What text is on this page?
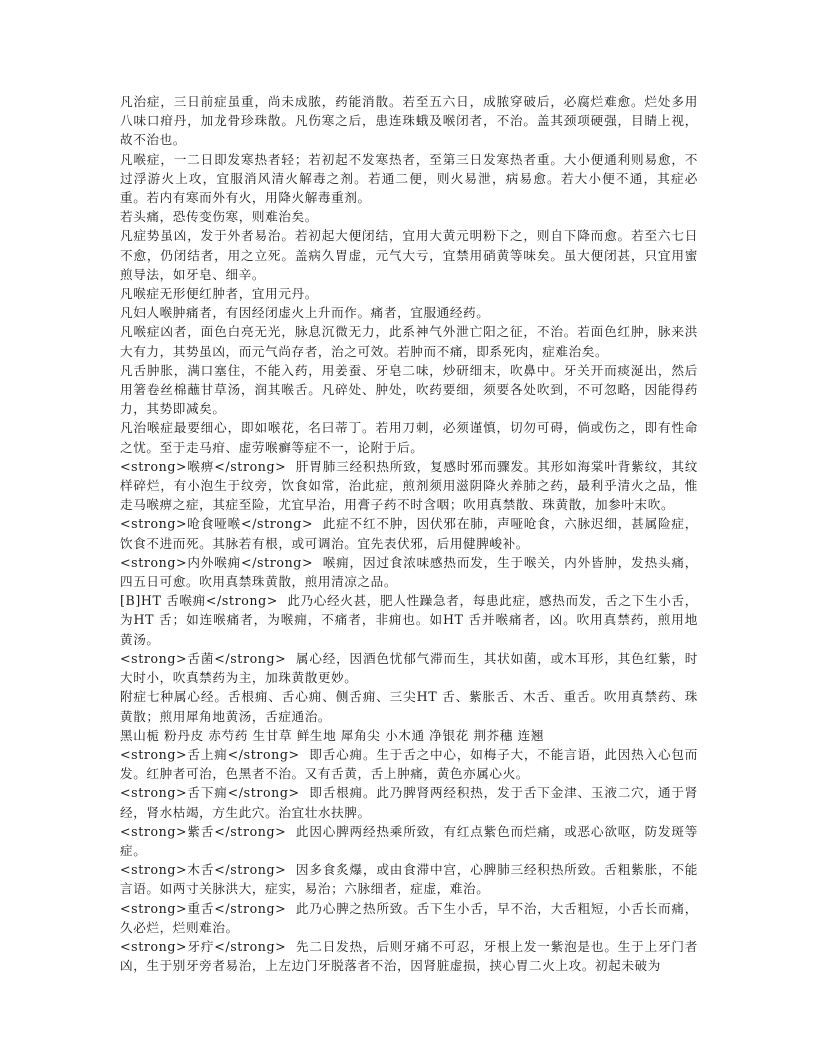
凡治症，三日前症虽重，尚未成脓，药能消散。若至五六日，成脓穿破后，必腐烂难愈。烂处多用八味口疳丹，加龙骨珍珠散。凡伤寒之后，患连珠蛾及喉闭者，不治。盖其颈项硬强，目睛上视，故不治也。

凡喉症，一二日即发寒热者轻；若初起不发寒热者，至第三日发寒热者重。大小便通利则易愈，不过浮游火上攻，宜服消风清火解毒之剂。若通二便，则火易泄，病易愈。若大小便不通，其症必重。若内有寒而外有火，用降火解毒重剂。

若头痛，恐传变伤寒，则难治矣。

凡症势虽凶，发于外者易治。若初起大便闭结，宜用大黄元明粉下之，则自下降而愈。若至六七日不愈，仍闭结者，用之立死。盖病久胃虚，元气大亏，宜禁用硝黄等味矣。虽大便闭甚，只宜用蜜煎导法，如牙皂、细辛。

凡喉症无形便红肿者，宜用元丹。

凡妇人喉肿痛者，有因经闭虚火上升而作。痛者，宜服通经药。

凡喉症凶者，面色白亮无光，脉息沉微无力，此系神气外泄亡阳之征，不治。若面色红肿，脉来洪大有力，其势虽凶，而元气尚存者，治之可效。若肿而不痛，即系死肉，症难治矣。

凡舌肿胀，满口塞住，不能入药，用姜蚕、牙皂二味，炒研细末，吹鼻中。牙关开而痰涎出，然后用箸卷丝棉蘸甘草汤，润其喉舌。凡碎处、肿处，吹药要细，须要各处吹到，不可忽略，因能得药力，其势即减矣。

凡治喉症最要细心，即如喉花，名曰蒂丁。若用刀刺，必须谨慎，切勿可碍，倘或伤之，即有性命之忧。至于走马疳、虚劳喉癣等症不一，论附于后。

<strong>喉痹</strong>  肝胃肺三经积热所致，复感时邪而骤发。其形如海棠叶背紫纹，其纹样碎烂，有小泡生于纹旁，饮食如常，治此症，煎剂须用滋阴降火养肺之药，最利乎清火之品，惟走马喉痹之症，其症至险，尤宜早治，用膏子药不时含咽；吹用真禁散、珠黄散，加参叶末吹。

<strong>呛食哑喉</strong>  此症不红不肿，因伏邪在肺，声哑呛食，六脉迟细，甚属险症，饮食不进而死。其脉若有根，或可调治。宜先表伏邪，后用健脾峻补。

<strong>内外喉痈</strong>  喉痈，因过食浓味感热而发，生于喉关，内外皆肿，发热头痛，四五日可愈。吹用真禁珠黄散，煎用清凉之品。

[B]HT 舌喉痈</strong>  此乃心经火甚，肥人性躁急者，每患此症，感热而发，舌之下生小舌，为HT 舌；如连喉痛者，为喉痈，不痛者，非痈也。如HT 舌并喉痛者，凶。吹用真禁药，煎用地黄汤。

<strong>舌菌</strong>  属心经，因酒色忧郁气滞而生，其状如菌，或木耳形，其色红紫，时大时小，吹真禁药为主，加珠黄散更妙。

附症七种属心经。舌根痈、舌心痈、侧舌痈、三尖HT 舌、紫胀舌、木舌、重舌。吹用真禁药、珠黄散；煎用犀角地黄汤，舌症通治。

黑山栀 粉丹皮 赤芍药 生甘草 鲜生地 犀角尖 小木通 净银花 荆芥穗 连翘

<strong>舌上痈</strong>  即舌心痈。生于舌之中心，如梅子大，不能言语，此因热入心包而发。红肿者可治，色黑者不治。又有舌黄，舌上肿痛，黄色亦属心火。

<strong>舌下痈</strong>  即舌根痈。此乃脾肾两经积热，发于舌下金津、玉液二穴，通于肾经，肾水枯竭，方生此穴。治宜壮水扶脾。

<strong>紫舌</strong>  此因心脾两经热乘所致，有红点紫色而烂痛，或恶心欲呕，防发斑等症。

<strong>木舌</strong>  因多食炙爆，或由食滞中宫，心脾肺三经积热所致。舌粗紫胀，不能言语。如两寸关脉洪大，症实，易治；六脉细者，症虚，难治。

<strong>重舌</strong>  此乃心脾之热所致。舌下生小舌，早不治，大舌粗短，小舌长而痛，久必烂，烂则难治。

<strong>牙疔</strong>  先二日发热，后则牙痛不可忍，牙根上发一紫泡是也。生于上牙门者凶，生于别牙旁者易治，上左边门牙脱落者不治，因肾脏虚损，挟心胃二火上攻。初起未破为
